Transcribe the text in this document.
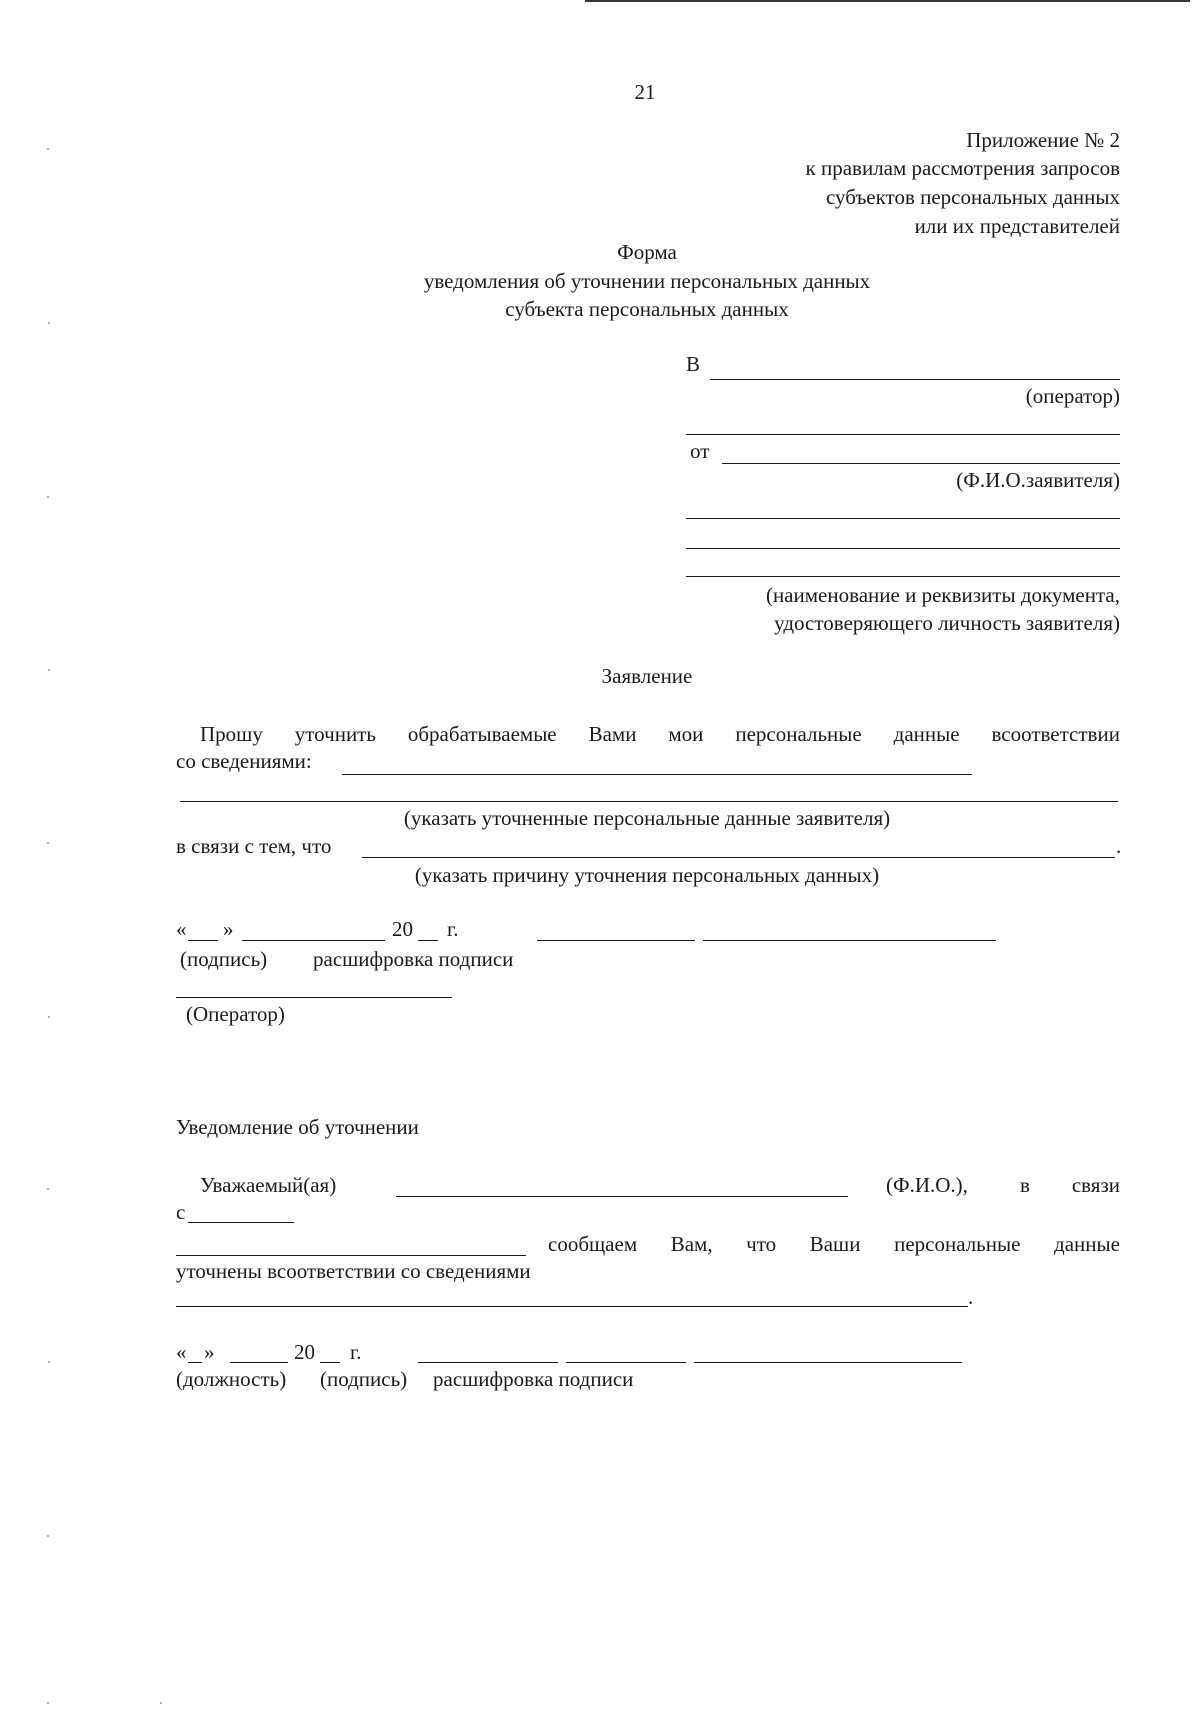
21
Приложение № 2
к правилам рассмотрения запросов
субъектов персональных данных
или их представителей
Форма
уведомления об уточнении персональных данных
субъекта персональных данных
В
(оператор)
от
(Ф.И.О.заявителя)
(наименование и реквизиты документа,
удостоверяющего личность заявителя)
Заявление
Прошу уточнить обрабатываемые Вами мои персональные данные всоответствии
со сведениями:
(указать уточненные персональные данные заявителя)
в связи с тем, что	.
(указать причину уточнения персональных данных)
« »	20 г.
(подпись) расшифровка подписи
(Оператор)
Уведомление об уточнении
Уважаемый(ая)	(Ф.И.О.), в связи
с
сообщаем Вам, что Ваши персональные данные
уточнены всоответствии со сведениями
.
« »	20 г.
(должность) (подпись) расшифровка подписи
